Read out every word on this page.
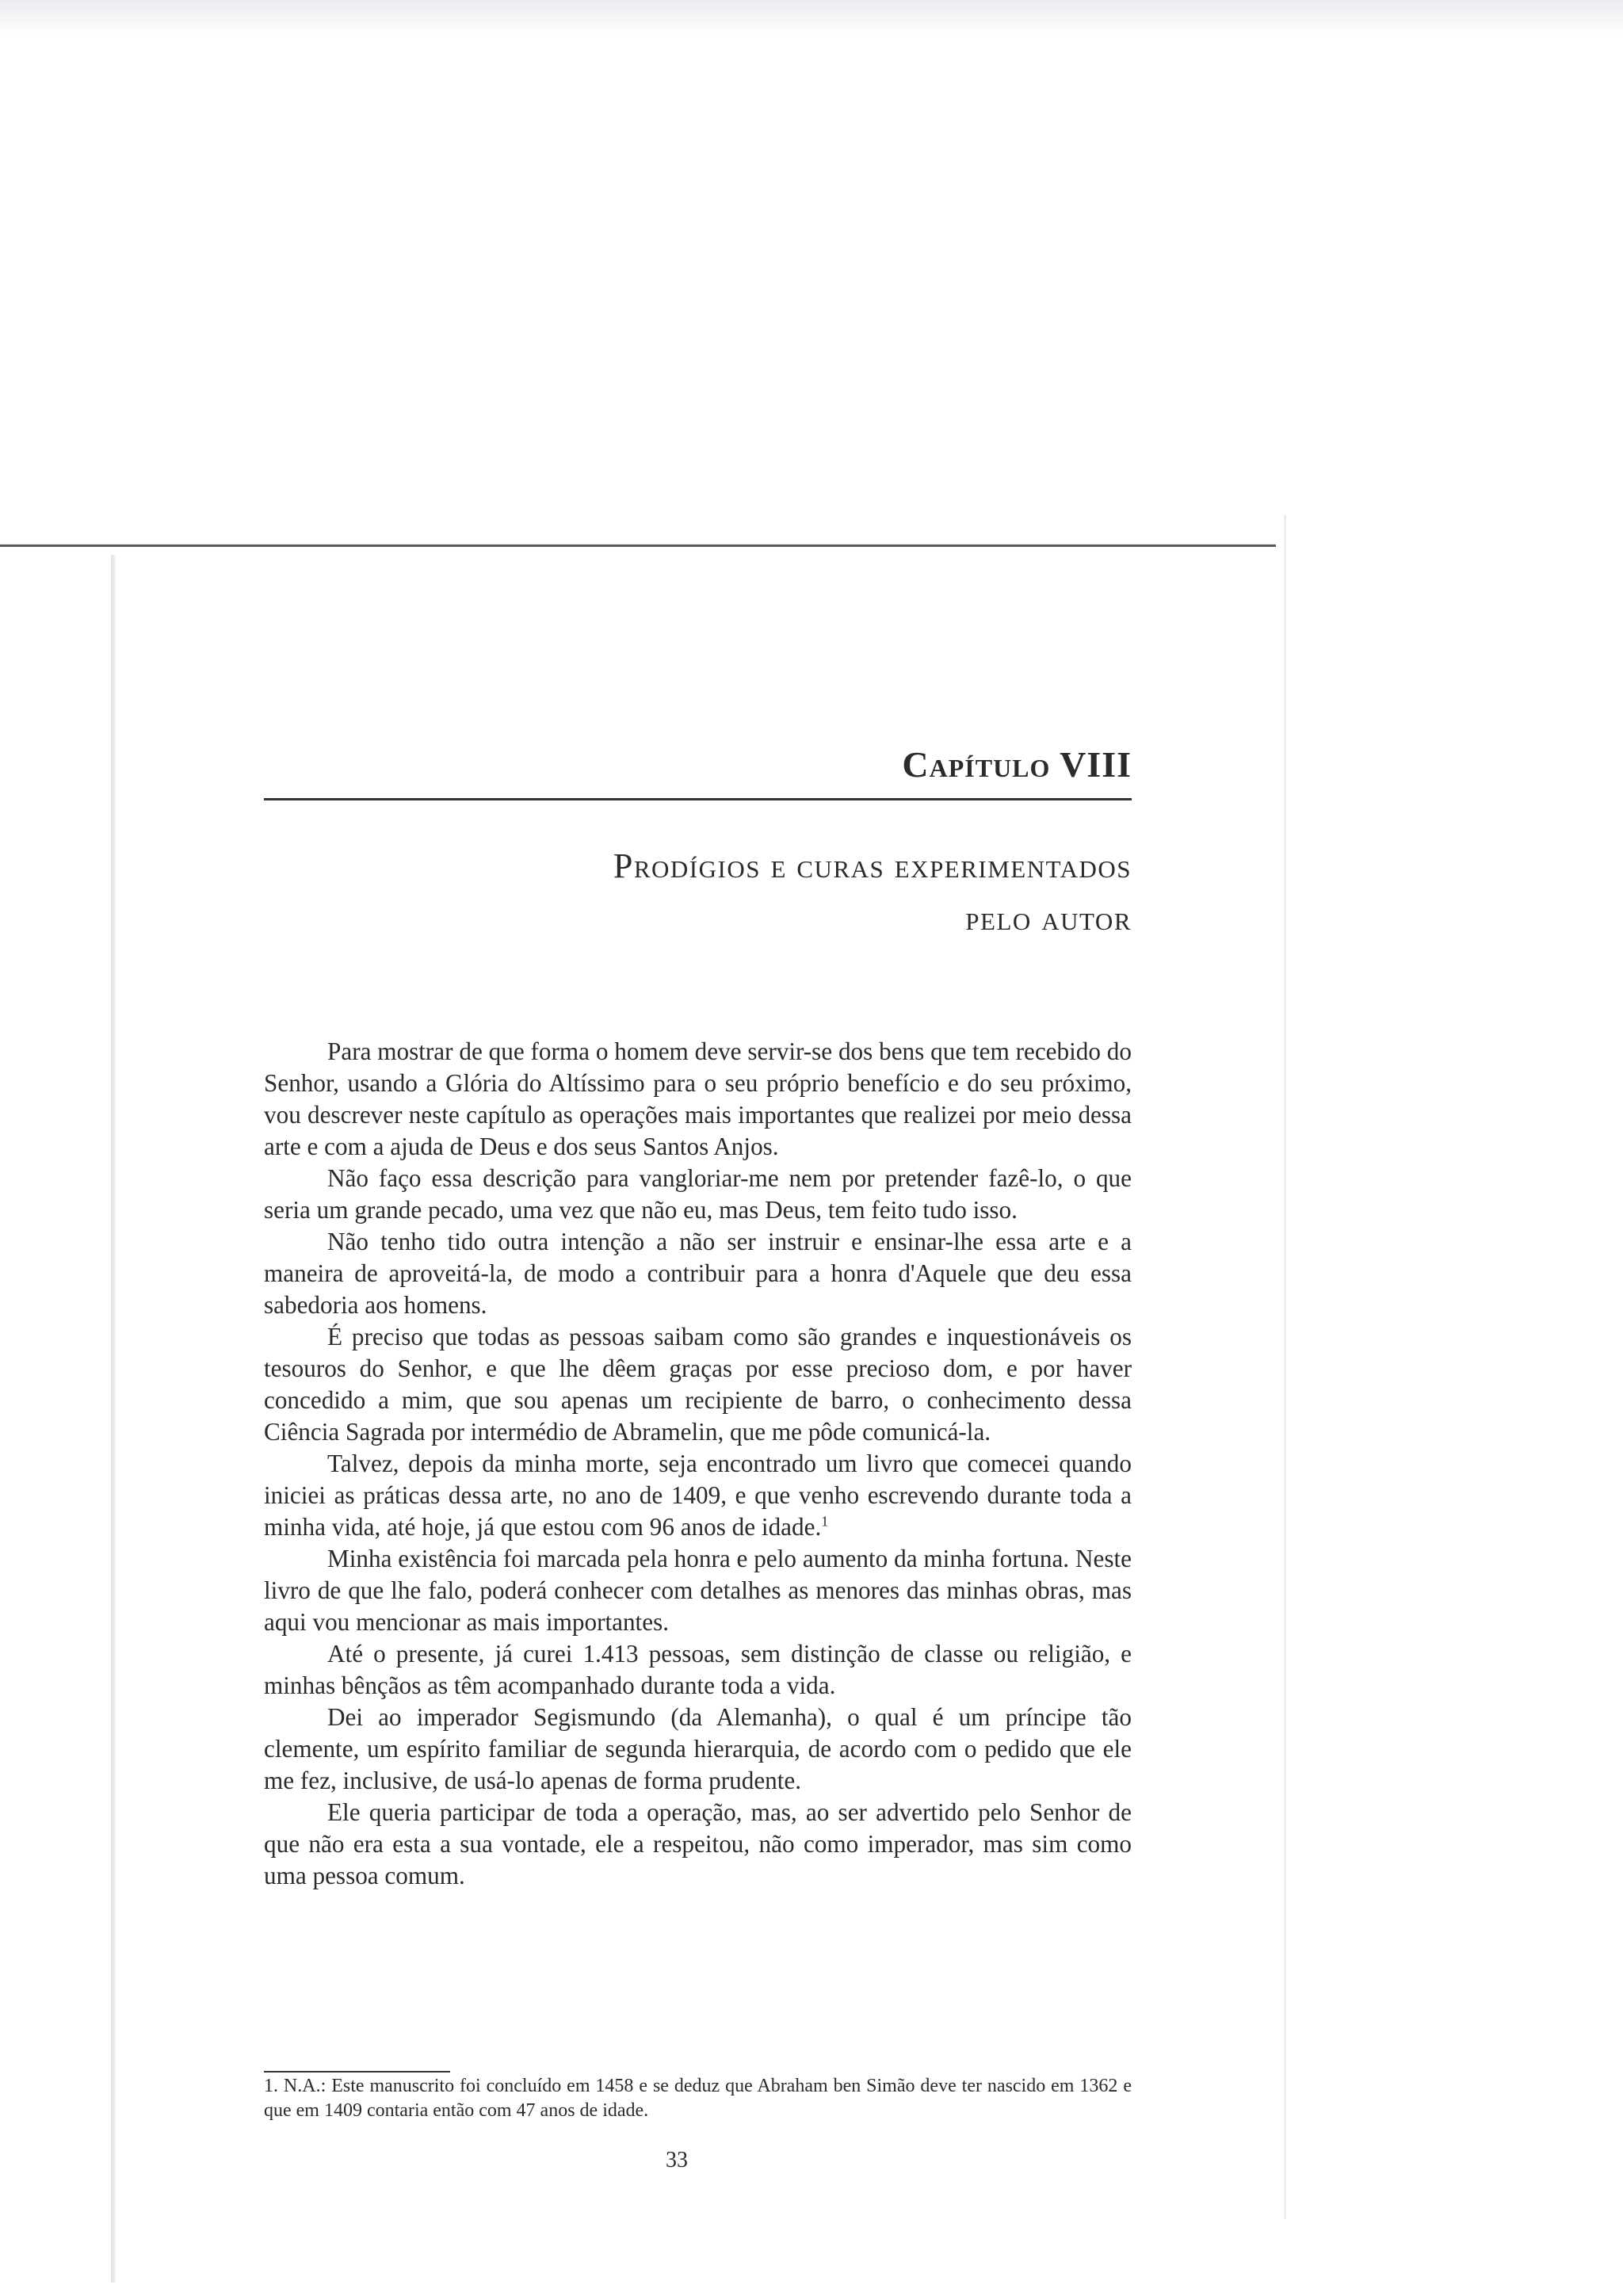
Capítulo VIII
Prodígios e curas experimentados
pelo autor

Para mostrar de que forma o homem deve servir-se dos bens que tem recebido do Senhor, usando a Glória do Altíssimo para o seu próprio benefício e do seu próximo, vou descrever neste capítulo as operações mais importantes que realizei por meio dessa arte e com a ajuda de Deus e dos seus Santos Anjos.

Não faço essa descrição para vangloriar-me nem por pretender fazê-lo, o que seria um grande pecado, uma vez que não eu, mas Deus, tem feito tudo isso.

Não tenho tido outra intenção a não ser instruir e ensinar-lhe essa arte e a maneira de aproveitá-la, de modo a contribuir para a honra d'Aquele que deu essa sabedoria aos homens.

É preciso que todas as pessoas saibam como são grandes e inquestionáveis os tesouros do Senhor, e que lhe dêem graças por esse precioso dom, e por haver concedido a mim, que sou apenas um recipiente de barro, o conhecimento dessa Ciência Sagrada por intermédio de Abramelin, que me pôde comunicá-la.

Talvez, depois da minha morte, seja encontrado um livro que comecei quando iniciei as práticas dessa arte, no ano de 1409, e que venho escrevendo durante toda a minha vida, até hoje, já que estou com 96 anos de idade.$^1$

Minha existência foi marcada pela honra e pelo aumento da minha fortuna. Neste livro de que lhe falo, poderá conhecer com detalhes as menores das minhas obras, mas aqui vou mencionar as mais importantes.

Até o presente, já curei 1.413 pessoas, sem distinção de classe ou religião, e minhas bênçãos as têm acompanhado durante toda a vida.

Dei ao imperador Segismundo (da Alemanha), o qual é um príncipe tão clemente, um espírito familiar de segunda hierarquia, de acordo com o pedido que ele me fez, inclusive, de usá-lo apenas de forma prudente.

Ele queria participar de toda a operação, mas, ao ser advertido pelo Senhor de que não era esta a sua vontade, ele a respeitou, não como imperador, mas sim como uma pessoa comum.

1. N.A.: Este manuscrito foi concluído em 1458 e se deduz que Abraham ben Simão deve ter nascido em 1362 e que em 1409 contaria então com 47 anos de idade.

33
